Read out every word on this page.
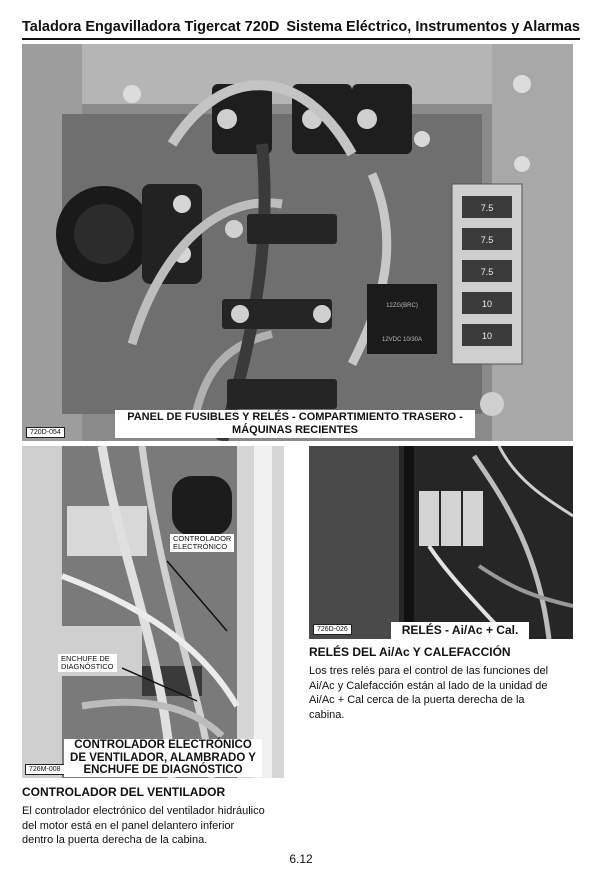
Taladora Engavilladora Tigercat 720D Sistema Eléctrico, Instrumentos y Alarmas
12ZG(BRC)
12VDC 10/30A
7.5
7.5
7.5
10
10
720D-054
PANEL DE FUSIBLES Y RELÉS - COMPARTIMIENTO TRASERO -
MÁQUINAS RECIENTES
CONTROLADOR
ELECTRÓNICO
ENCHUFE DE
DIAGNÓSTICO
726M-008
CONTROLADOR ELECTRÓNICO
DE VENTILADOR, ALAMBRADO Y
ENCHUFE DE DIAGNÓSTICO
726D-026	RELÉS - Ai/Ac + Cal.
CONTROLADOR DEL VENTILADOR

El controlador electrónico del ventilador hidráulico
del motor está en el panel delantero inferior
dentro la puerta derecha de la cabina.

RELÉS DEL Ai/Ac Y CALEFACCIÓN

Los tres relés para el control de las funciones del
Ai/Ac y Calefacción están al lado de la unidad de
Ai/Ac + Cal cerca de la puerta derecha de la
cabina.

6.12
